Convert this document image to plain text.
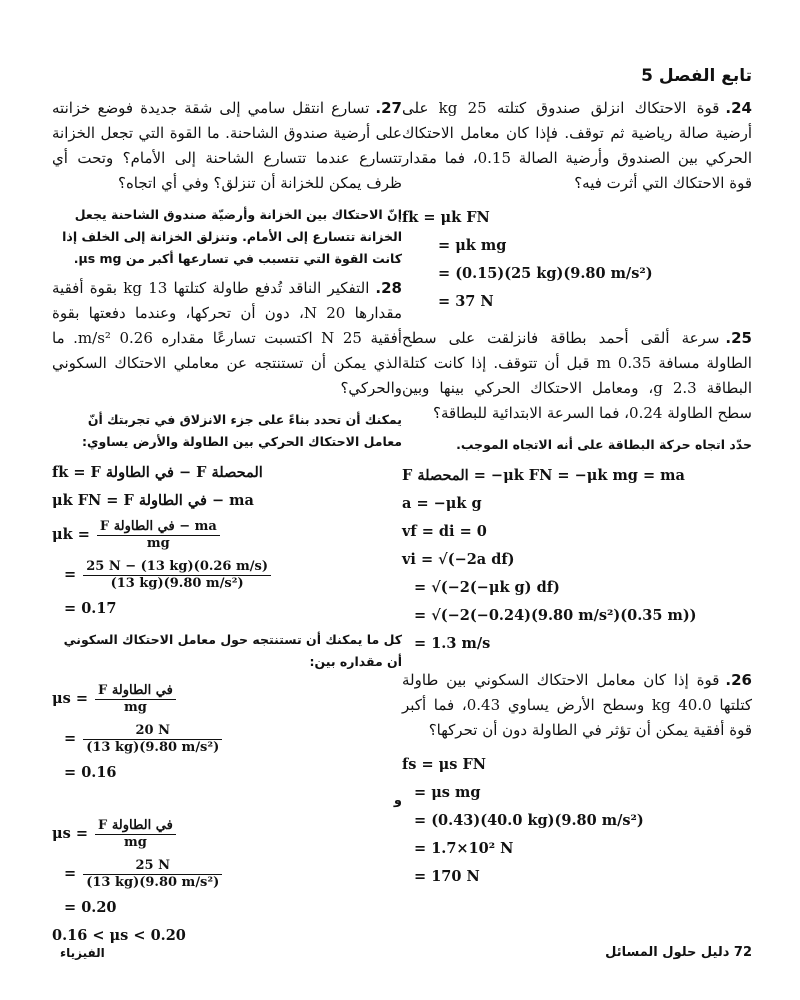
تابع الفصل 5

24.قوة الاحتكاك انزلق صندوق كتلته 25 kg على أرضية صالة رياضية ثم توقف. فإذا كان معامل الاحتكاك الحركي بين الصندوق وأرضية الصالة 0.15، فما مقدار قوة الاحتكاك التي أثرت فيه؟

fk = μk FN
= μk mg
= (0.15)(25 kg)(9.80 m/s²)
= 37 N

25.سرعة ألقى أحمد بطاقة فانزلقت على سطح الطاولة مسافة 0.35 m قبل أن تتوقف. إذا كانت كتلة البطاقة 2.3 g، ومعامل الاحتكاك الحركي بينها وبين سطح الطاولة 0.24، فما السرعة الابتدائية للبطاقة؟

حدّد اتجاه حركة البطاقة على أنه الاتجاه الموجب.
F المحصلة = −μk FN = −μk mg = ma
a = −μk g
vf = di = 0
vi = √(−2a df)
= √(−2(−μk g) df)
= √(−2(−0.24)(9.80 m/s²)(0.35 m))
= 1.3 m/s

26.قوة إذا كان معامل الاحتكاك السكوني بين طاولة كتلتها 40.0 kg وسطح الأرض يساوي 0.43، فما أكبر قوة أفقية يمكن أن تؤثر في الطاولة دون أن تحركها؟

fs = μs FN
= μs mg
= (0.43)(40.0 kg)(9.80 m/s²)
= 1.7×10² N
= 170 N

27.تسارع انتقل سامي إلى شقة جديدة فوضع خزانته على أرضية صندوق الشاحنة. ما القوة التي تجعل الخزانة تتسارع عندما تتسارع الشاحنة إلى الأمام؟ وتحت أي ظرف يمكن للخزانة أن تنزلق؟ وفي أي اتجاه؟

إنّ الاحتكاك بين الخزانة وأرضيّة صندوق الشاحنة يجعل الخزانة تتسارع إلى الأمام. وتنزلق الخزانة إلى الخلف إذا كانت القوة التي تتسبب في تسارعها أكبر من μs mg.

28.التفكير الناقد تُدفع طاولة كتلتها 13 kg بقوة أفقية مقدارها 20 N، دون أن تحركها، وعندما دفعتها بقوة أفقية 25 N اكتسبت تسارعًا مقداره 0.26 m/s². ما الذي يمكن أن تستنتجه عن معاملي الاحتكاك السكوني والحركي؟

يمكنك أن تحدد بناءً على جزء الانزلاق في تجربتك أنّ معامل الاحتكاك الحركي بين الطاولة والأرض يساوي:
fk = F في الطاولة − F المحصلة
μk FN = F في الطاولة − ma
$\mu k = \frac{\text{F في الطاولة − ma}}{mg}$
= $\frac{25 N - (13 kg)(0.26 m/s)}{\text{(13 kg)(9.80 m/s²)}}$
= 0.17
كل ما يمكنك أن تستنتجه حول معامل الاحتكاك السكوني أن مقداره بين:
$\mu s = \frac{\text{F في الطاولة}}{mg}$
= $\frac{20 N}{\text{(13 kg)(9.80 m/s²)}}$
= 0.16
و
$\mu s = \frac{\text{F في الطاولة}}{mg}$
= $\frac{25 N}{\text{(13 kg)(9.80 m/s²)}}$
= 0.20
0.16 < μs < 0.20
الفيزياء	72 دليل حلول المسائل
